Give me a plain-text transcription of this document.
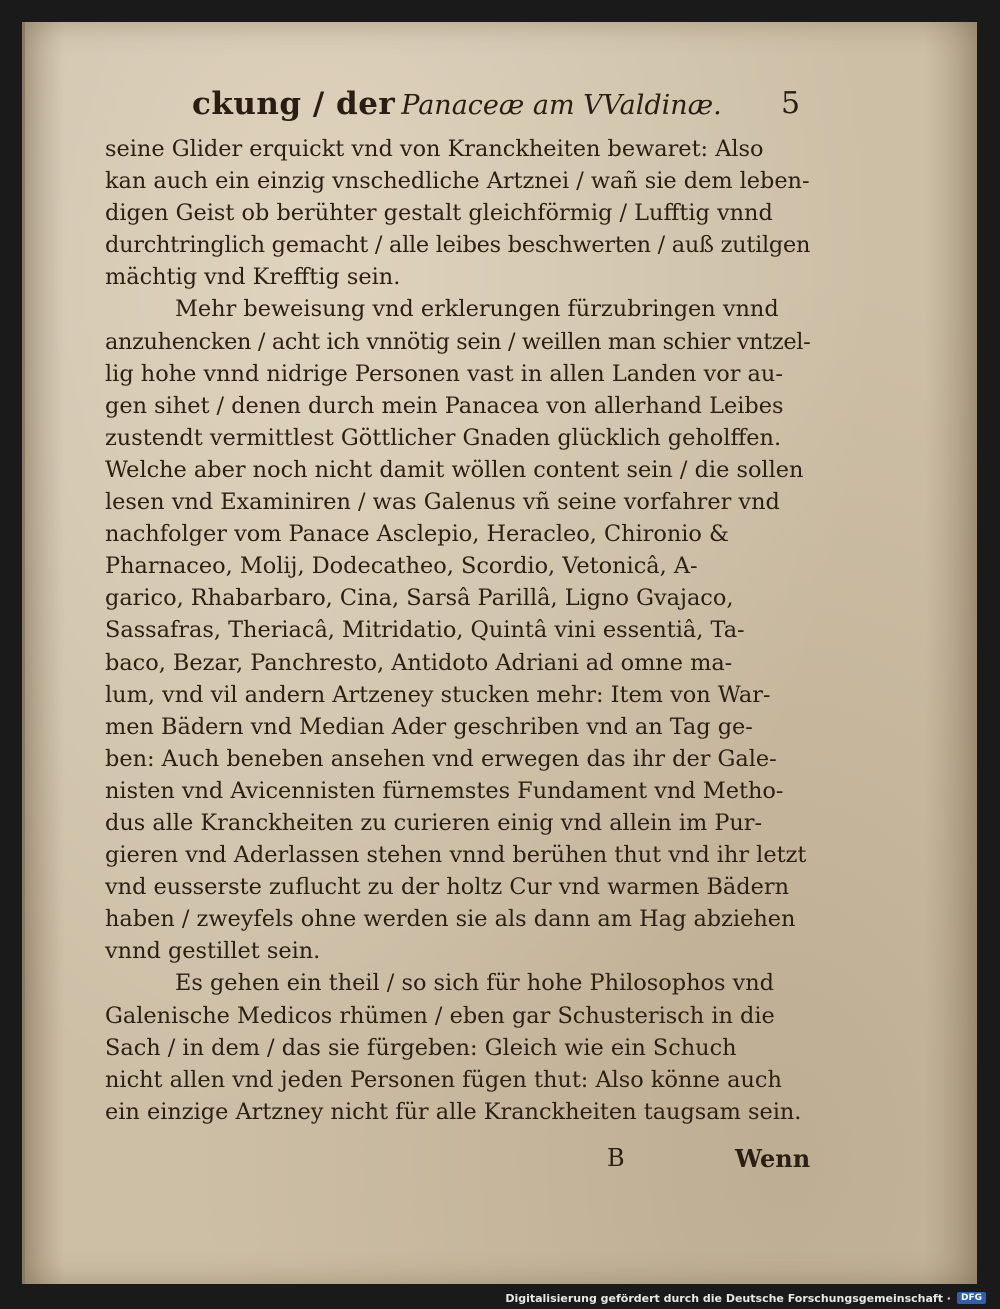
ckung / der Panaceæ am VValdinæ.	5
seine Glider erquickt vnd von Kranckheiten bewaret: Also
kan auch ein einzig vnschedliche Artznei / wañ sie dem leben-
digen Geist ob berühter gestalt gleichförmig / Lufftig vnnd
durchtringlich gemacht / alle leibes beschwerten / auß zutilgen
mächtig vnd Krefftig sein.
Mehr beweisung vnd erklerungen fürzubringen vnnd
anzuhencken / acht ich vnnötig sein / weillen man schier vntzel-
lig hohe vnnd nidrige Personen vast in allen Landen vor au-
gen sihet / denen durch mein Panacea von allerhand Leibes
zustendt vermittlest Göttlicher Gnaden glücklich geholffen.
Welche aber noch nicht damit wöllen content sein / die sollen
lesen vnd Examiniren / was Galenus vñ seine vorfahrer vnd
nachfolger vom Panace Asclepio, Heracleo, Chironio &
Pharnaceo, Molij, Dodecatheo, Scordio, Vetonicâ, A-
garico, Rhabarbaro, Cina, Sarsâ Parillâ, Ligno Gvajaco,
Sassafras, Theriacâ, Mitridatio, Quintâ vini essentiâ, Ta-
baco, Bezar, Panchresto, Antidoto Adriani ad omne ma-
lum, vnd vil andern Artzeney stucken mehr: Item von War-
men Bädern vnd Median Ader geschriben vnd an Tag ge-
ben: Auch beneben ansehen vnd erwegen das ihr der Gale-
nisten vnd Avicennisten fürnemstes Fundament vnd Metho-
dus alle Kranckheiten zu curieren einig vnd allein im Pur-
gieren vnd Aderlassen stehen vnnd berühen thut vnd ihr letzt
vnd eusserste zuflucht zu der holtz Cur vnd warmen Bädern
haben / zweyfels ohne werden sie als dann am Hag abziehen
vnnd gestillet sein.
Es gehen ein theil / so sich für hohe Philosophos vnd
Galenische Medicos rhümen / eben gar Schusterisch in die
Sach / in dem / das sie fürgeben: Gleich wie ein Schuch
nicht allen vnd jeden Personen fügen thut: Also könne auch
ein einzige Artzney nicht für alle Kranckheiten taugsam sein.
B	Wenn
Digitalisierung gefördert durch die Deutsche Forschungsgemeinschaft ·	DFG
